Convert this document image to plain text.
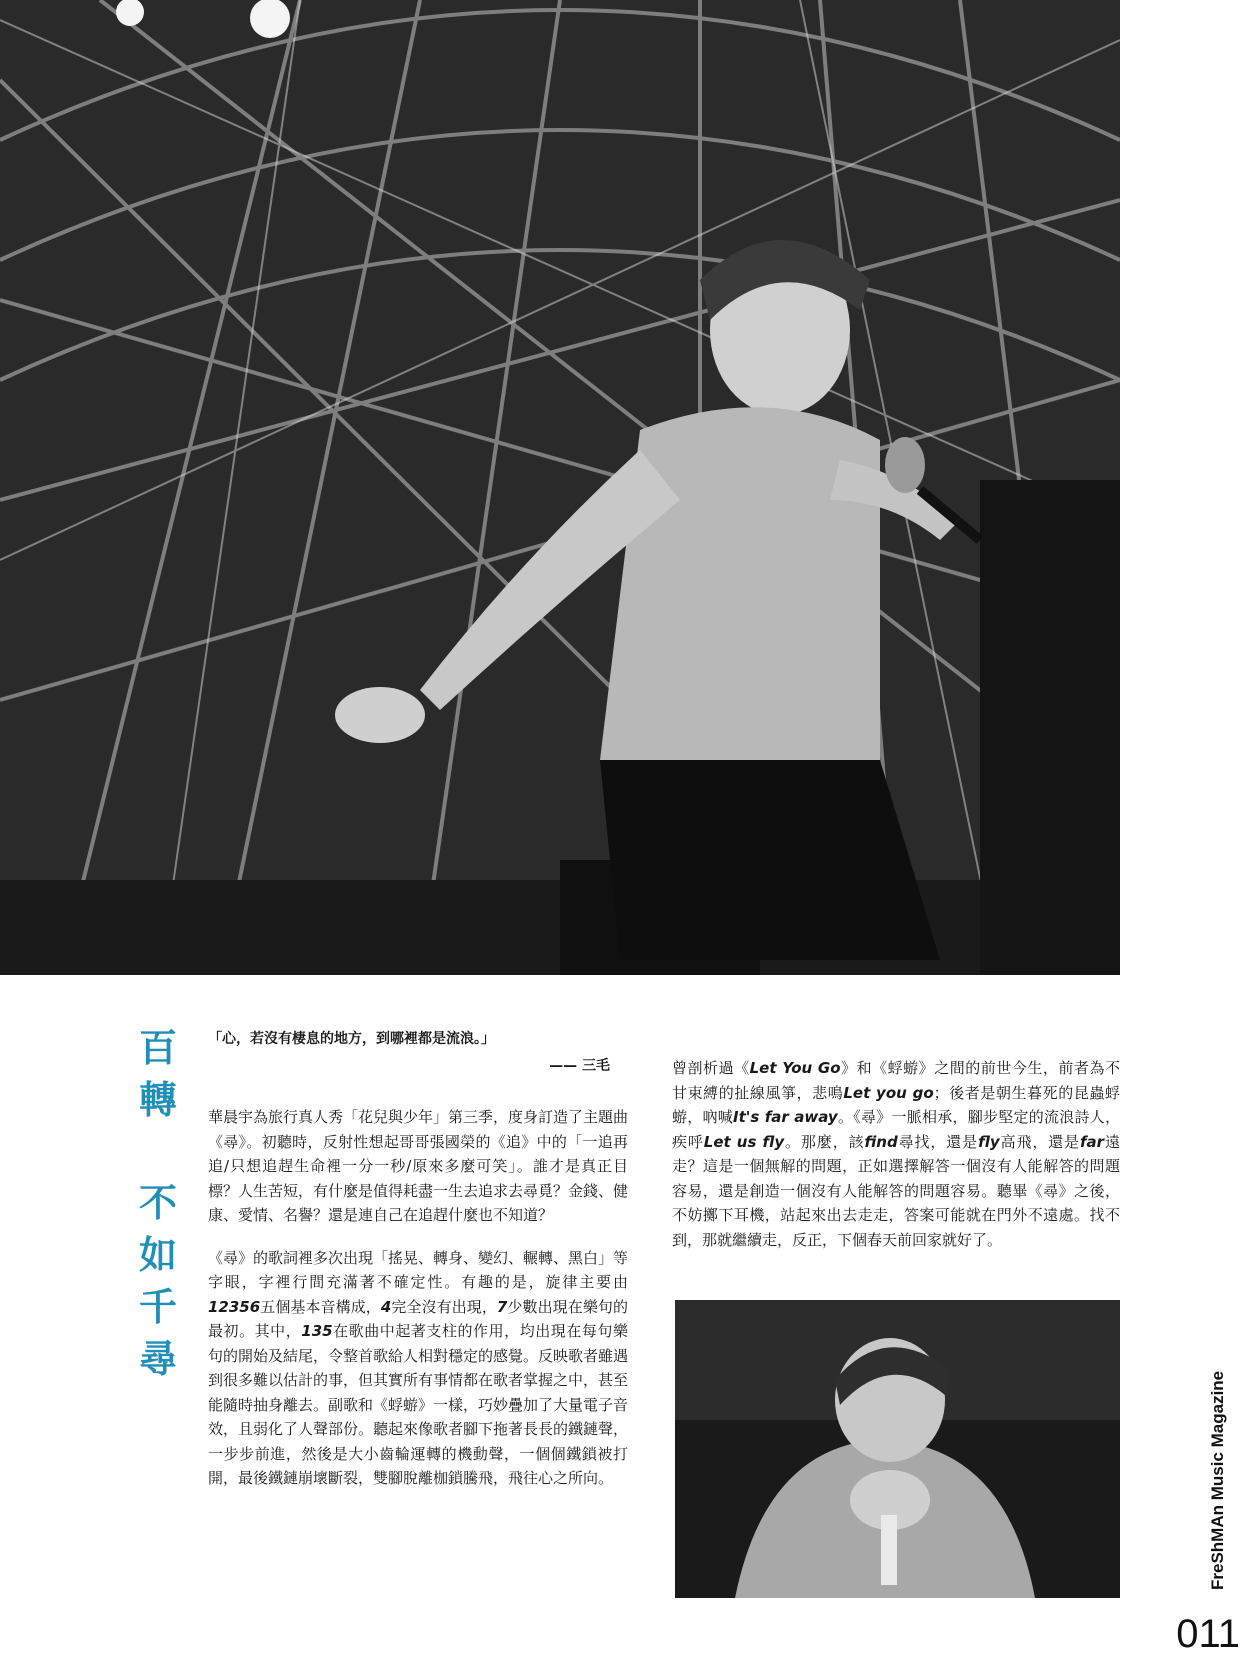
百轉
不如千尋
「心，若沒有棲息的地方，到哪裡都是流浪。」
—— 三毛

華晨宇為旅行真人秀「花兒與少年」第三季，度身訂造了主題曲《尋》。初聽時，反射性想起哥哥張國榮的《追》中的「一追再追/只想追趕生命裡一分一秒/原來多麼可笑」。誰才是真正目標？人生苦短，有什麼是值得耗盡一生去追求去尋覓？金錢、健康、愛情、名譽？還是連自己在追趕什麼也不知道？

《尋》的歌詞裡多次出現「搖晃、轉身、變幻、輾轉、黑白」等字眼，字裡行間充滿著不確定性。有趣的是，旋律主要由12356五個基本音構成，4完全沒有出現，7少數出現在樂句的最初。其中，135在歌曲中起著支柱的作用，均出現在每句樂句的開始及結尾，令整首歌給人相對穩定的感覺。反映歌者雖遇到很多難以估計的事，但其實所有事情都在歌者掌握之中，甚至能隨時抽身離去。副歌和《蜉蝣》一樣，巧妙疊加了大量電子音效，且弱化了人聲部份。聽起來像歌者腳下拖著長長的鐵鏈聲，一步步前進，然後是大小齒輪運轉的機動聲，一個個鐵鎖被打開，最後鐵鏈崩壞斷裂，雙腳脫離枷鎖騰飛，飛往心之所向。

曾剖析過《Let You Go》和《蜉蝣》之間的前世今生，前者為不甘束縛的扯線風箏，悲鳴Let you go；後者是朝生暮死的昆蟲蜉蝣，吶喊It's far away。《尋》一脈相承，腳步堅定的流浪詩人，疾呼Let us fly。那麼，該find尋找，還是fly高飛，還是far遠走？這是一個無解的問題，正如選擇解答一個沒有人能解答的問題容易，還是創造一個沒有人能解答的問題容易。聽畢《尋》之後，不妨擲下耳機，站起來出去走走，答案可能就在門外不遠處。找不到，那就繼續走，反正，下個春天前回家就好了。

FreShMAn Music Magazine
011
